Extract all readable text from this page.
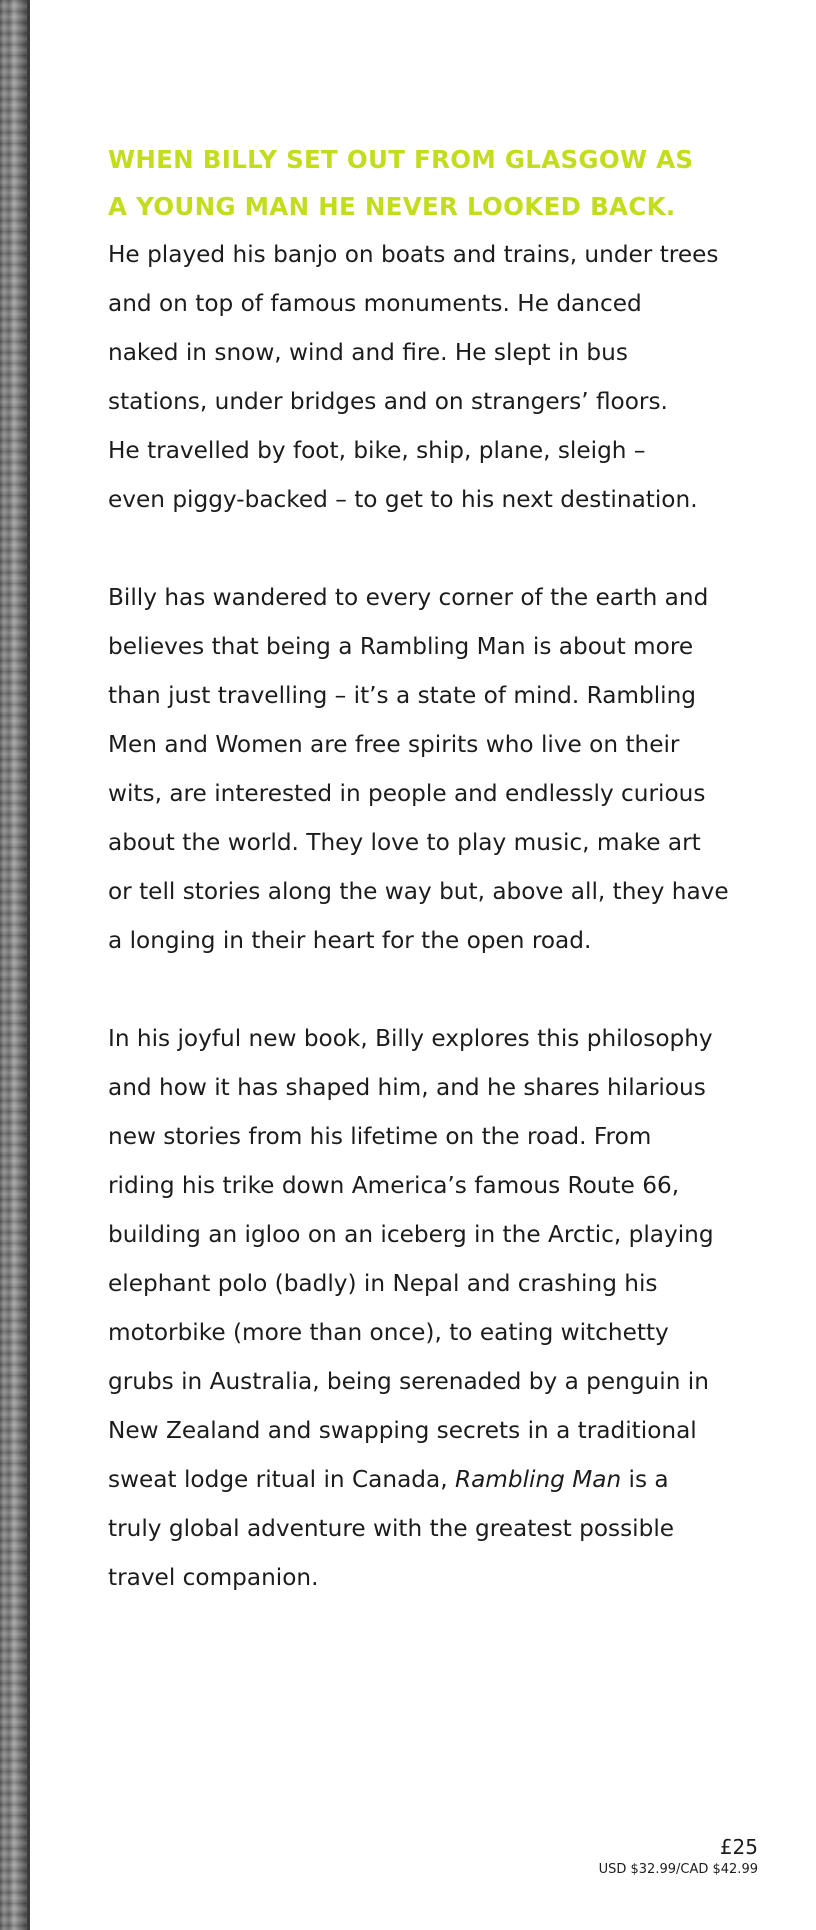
WHEN BILLY SET OUT FROM GLASGOW AS

A YOUNG MAN HE NEVER LOOKED BACK.

He played his banjo on boats and trains, under trees

and on top of famous monuments. He danced

naked in snow, wind and fire. He slept in bus

stations, under bridges and on strangers’ floors.

He travelled by foot, bike, ship, plane, sleigh –

even piggy-backed – to get to his next destination.

Billy has wandered to every corner of the earth and

believes that being a Rambling Man is about more

than just travelling – it’s a state of mind. Rambling

Men and Women are free spirits who live on their

wits, are interested in people and endlessly curious

about the world. They love to play music, make art

or tell stories along the way but, above all, they have

a longing in their heart for the open road.

In his joyful new book, Billy explores this philosophy

and how it has shaped him, and he shares hilarious

new stories from his lifetime on the road. From

riding his trike down America’s famous Route 66,

building an igloo on an iceberg in the Arctic, playing

elephant polo (badly) in Nepal and crashing his

motorbike (more than once), to eating witchetty

grubs in Australia, being serenaded by a penguin in

New Zealand and swapping secrets in a traditional

sweat lodge ritual in Canada, Rambling Man is a

truly global adventure with the greatest possible

travel companion.

£25
USD $32.99/CAD $42.99
